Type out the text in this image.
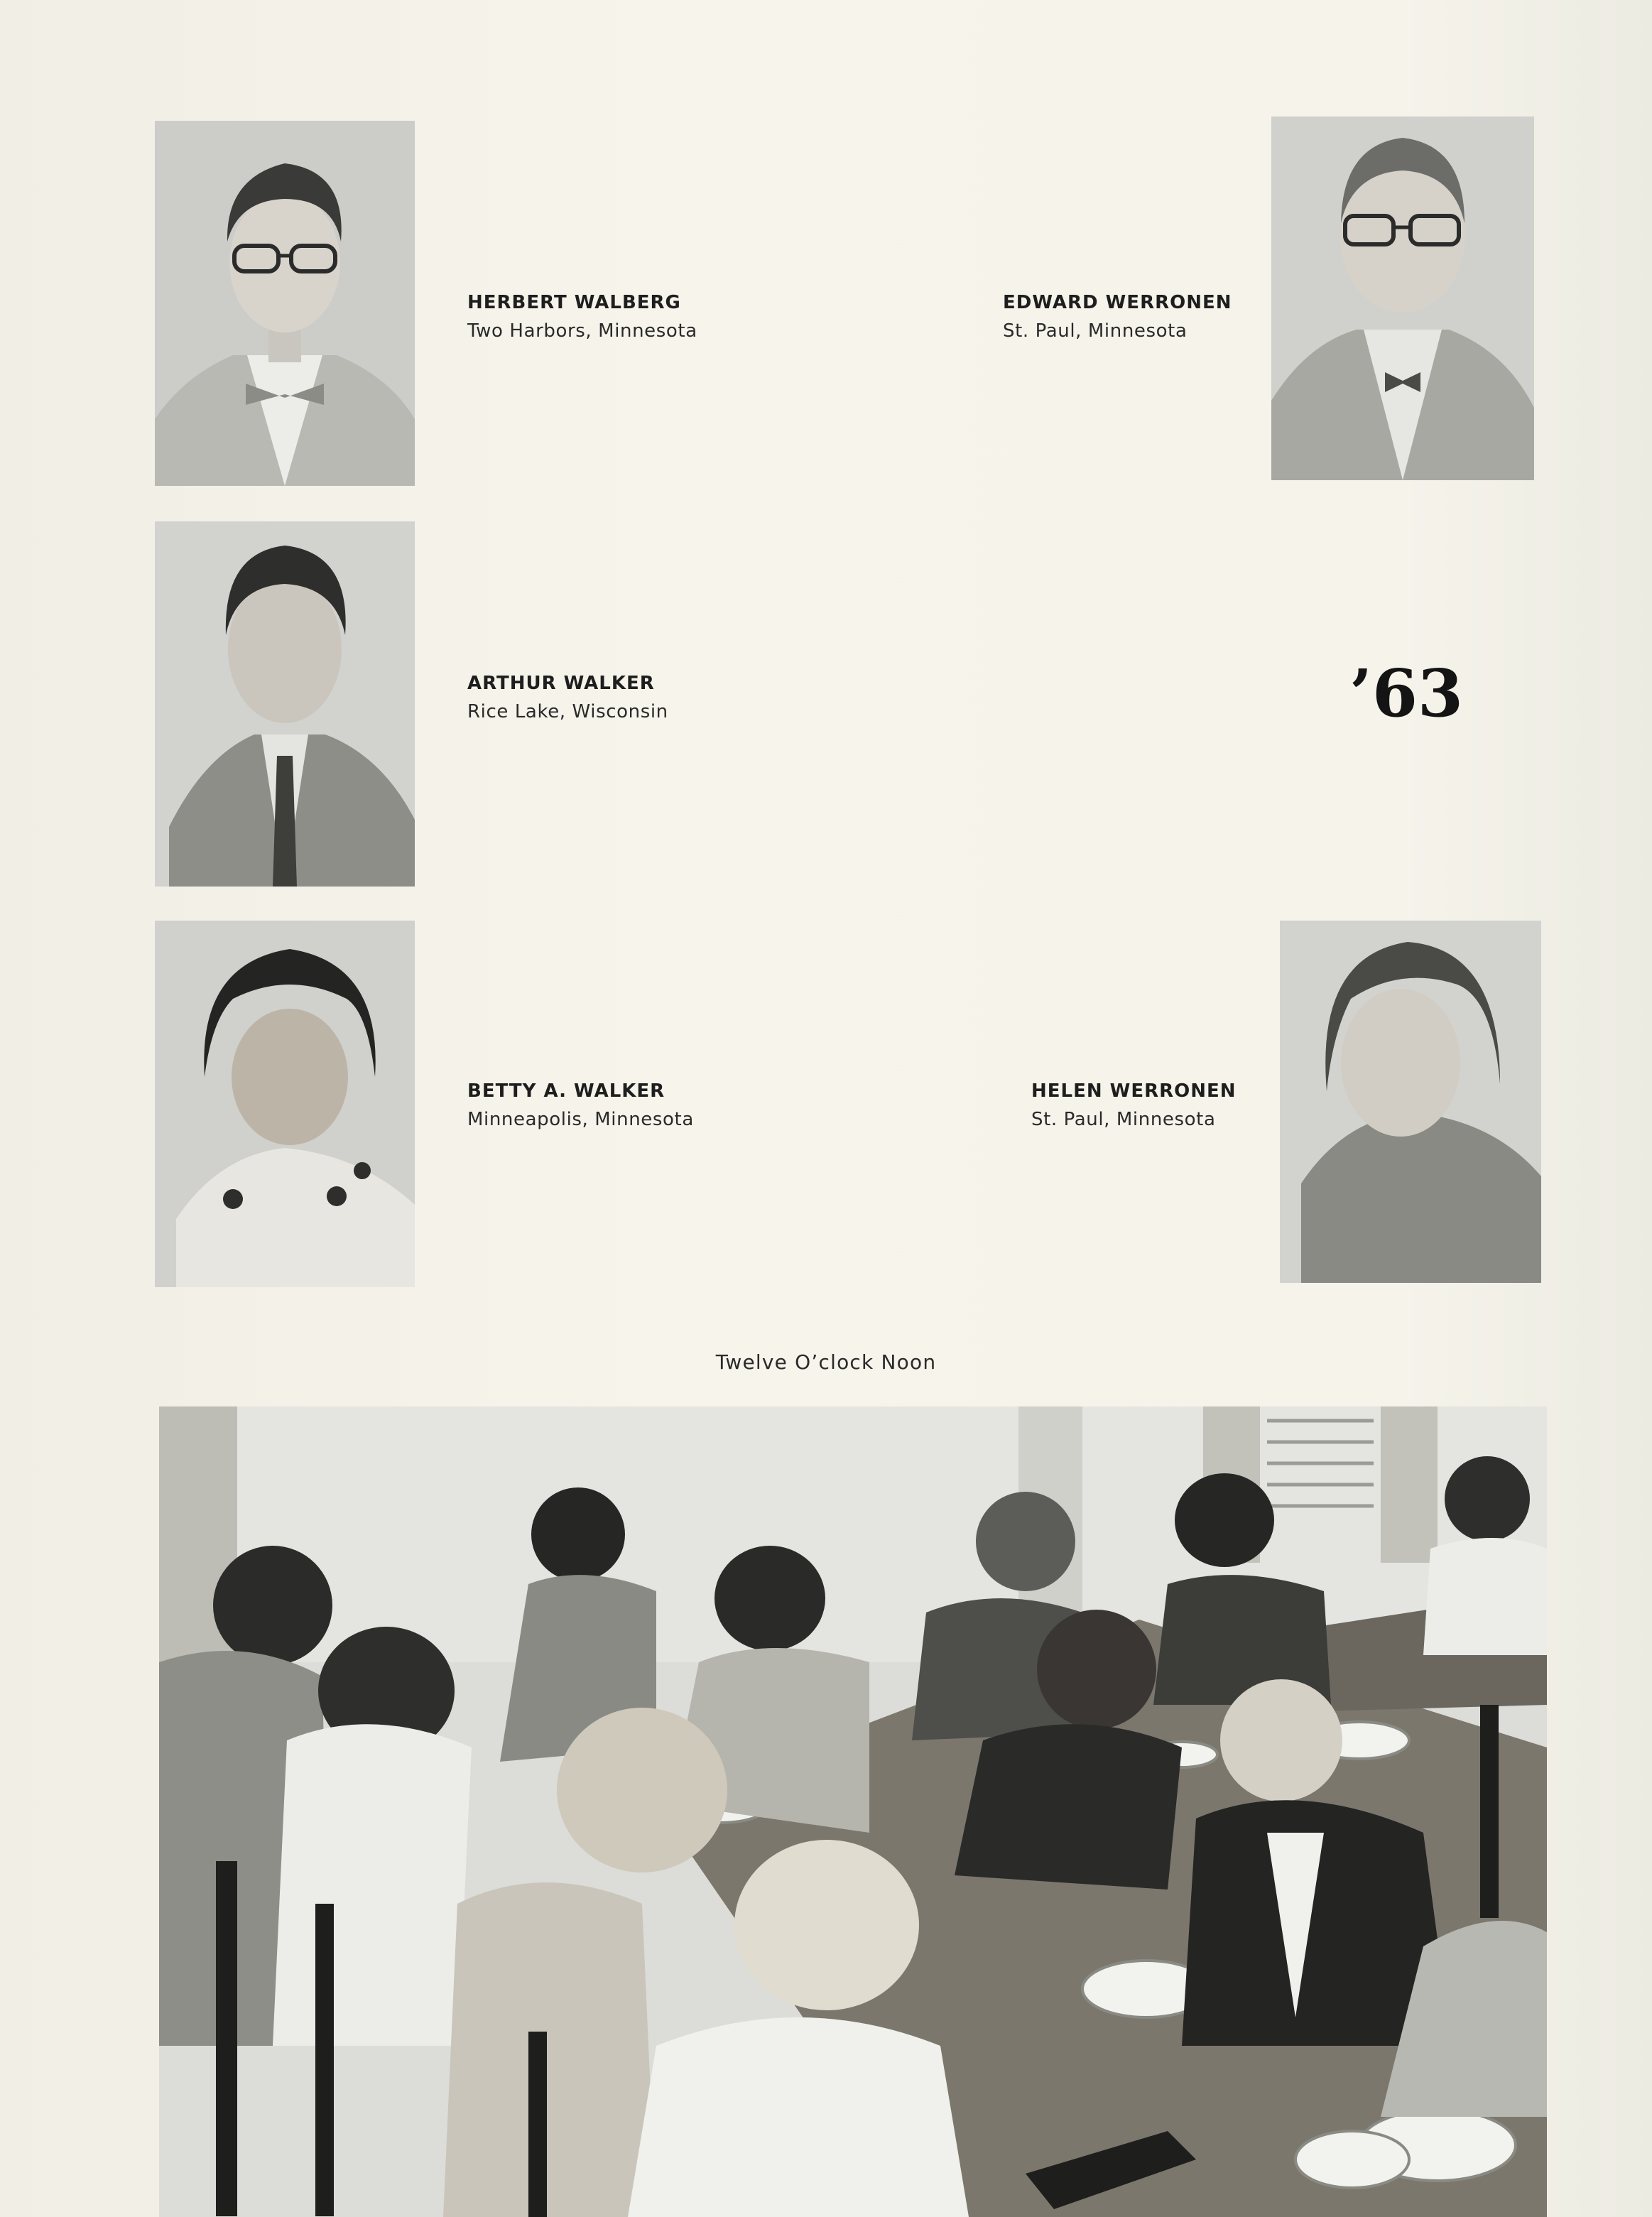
HERBERT WALBERG
Two Harbors, Minnesota
EDWARD WERRONEN
St. Paul, Minnesota
ARTHUR WALKER
Rice Lake, Wisconsin	’63
BETTY A. WALKER
Minneapolis, Minnesota
HELEN WERRONEN
St. Paul, Minnesota
Twelve O’clock Noon
